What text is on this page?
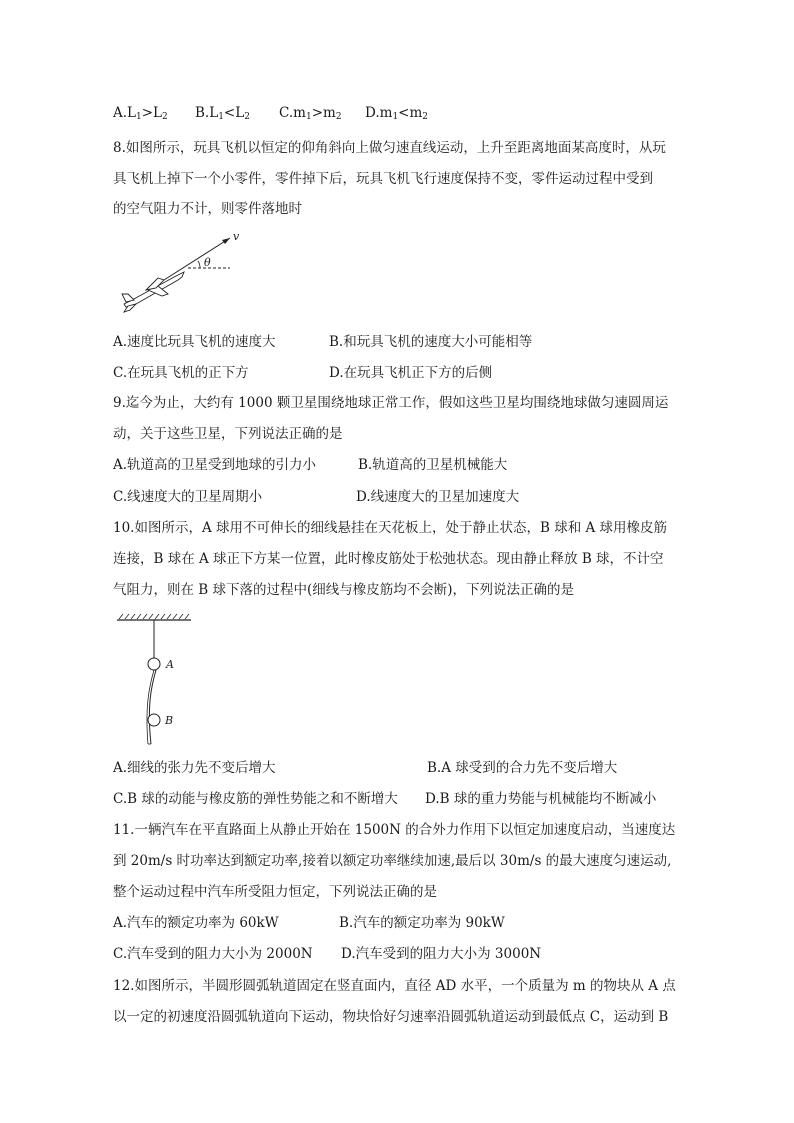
$A.L_1>L_2$ $B.L_1<L_2$ $C.m_1>m_2$ $D.m_1<m_2$
8.如图所示，玩具飞机以恒定的仰角斜向上做匀速直线运动，上升至距离地面某高度时，从玩
具飞机上掉下一个小零件，零件掉下后，玩具飞机飞行速度保持不变，零件运动过程中受到
的空气阻力不计，则零件落地时
v
θ
A.速度比玩具飞机的速度大	B.和玩具飞机的速度大小可能相等
C.在玩具飞机的正下方	D.在玩具飞机正下方的后侧
9.迄今为止，大约有 1000 颗卫星围绕地球正常工作，假如这些卫星均围绕地球做匀速圆周运
动，关于这些卫星，下列说法正确的是
A.轨道高的卫星受到地球的引力小	B.轨道高的卫星机械能大
C.线速度大的卫星周期小	D.线速度大的卫星加速度大
10.如图所示，A 球用不可伸长的细线悬挂在天花板上，处于静止状态，B 球和 A 球用橡皮筋
连接，B 球在 A 球正下方某一位置，此时橡皮筋处于松弛状态。现由静止释放 B 球，不计空
气阻力，则在 B 球下落的过程中(细线与橡皮筋均不会断)，下列说法正确的是
A
B
A.细线的张力先不变后增大	B.A 球受到的合力先不变后增大
C.B 球的动能与橡皮筋的弹性势能之和不断增大 D.B 球的重力势能与机械能均不断减小
11.一辆汽车在平直路面上从静止开始在 1500N 的合外力作用下以恒定加速度启动，当速度达
到 20m/s 时功率达到额定功率,接着以额定功率继续加速,最后以 30m/s 的最大速度匀速运动,
整个运动过程中汽车所受阻力恒定，下列说法正确的是
A.汽车的额定功率为 60kW	B.汽车的额定功率为 90kW
C.汽车受到的阻力大小为 2000N D.汽车受到的阻力大小为 3000N
12.如图所示，半圆形圆弧轨道固定在竖直面内，直径 AD 水平，一个质量为 m 的物块从 A 点
以一定的初速度沿圆弧轨道向下运动，物块恰好匀速率沿圆弧轨道运动到最低点 C，运动到 B
